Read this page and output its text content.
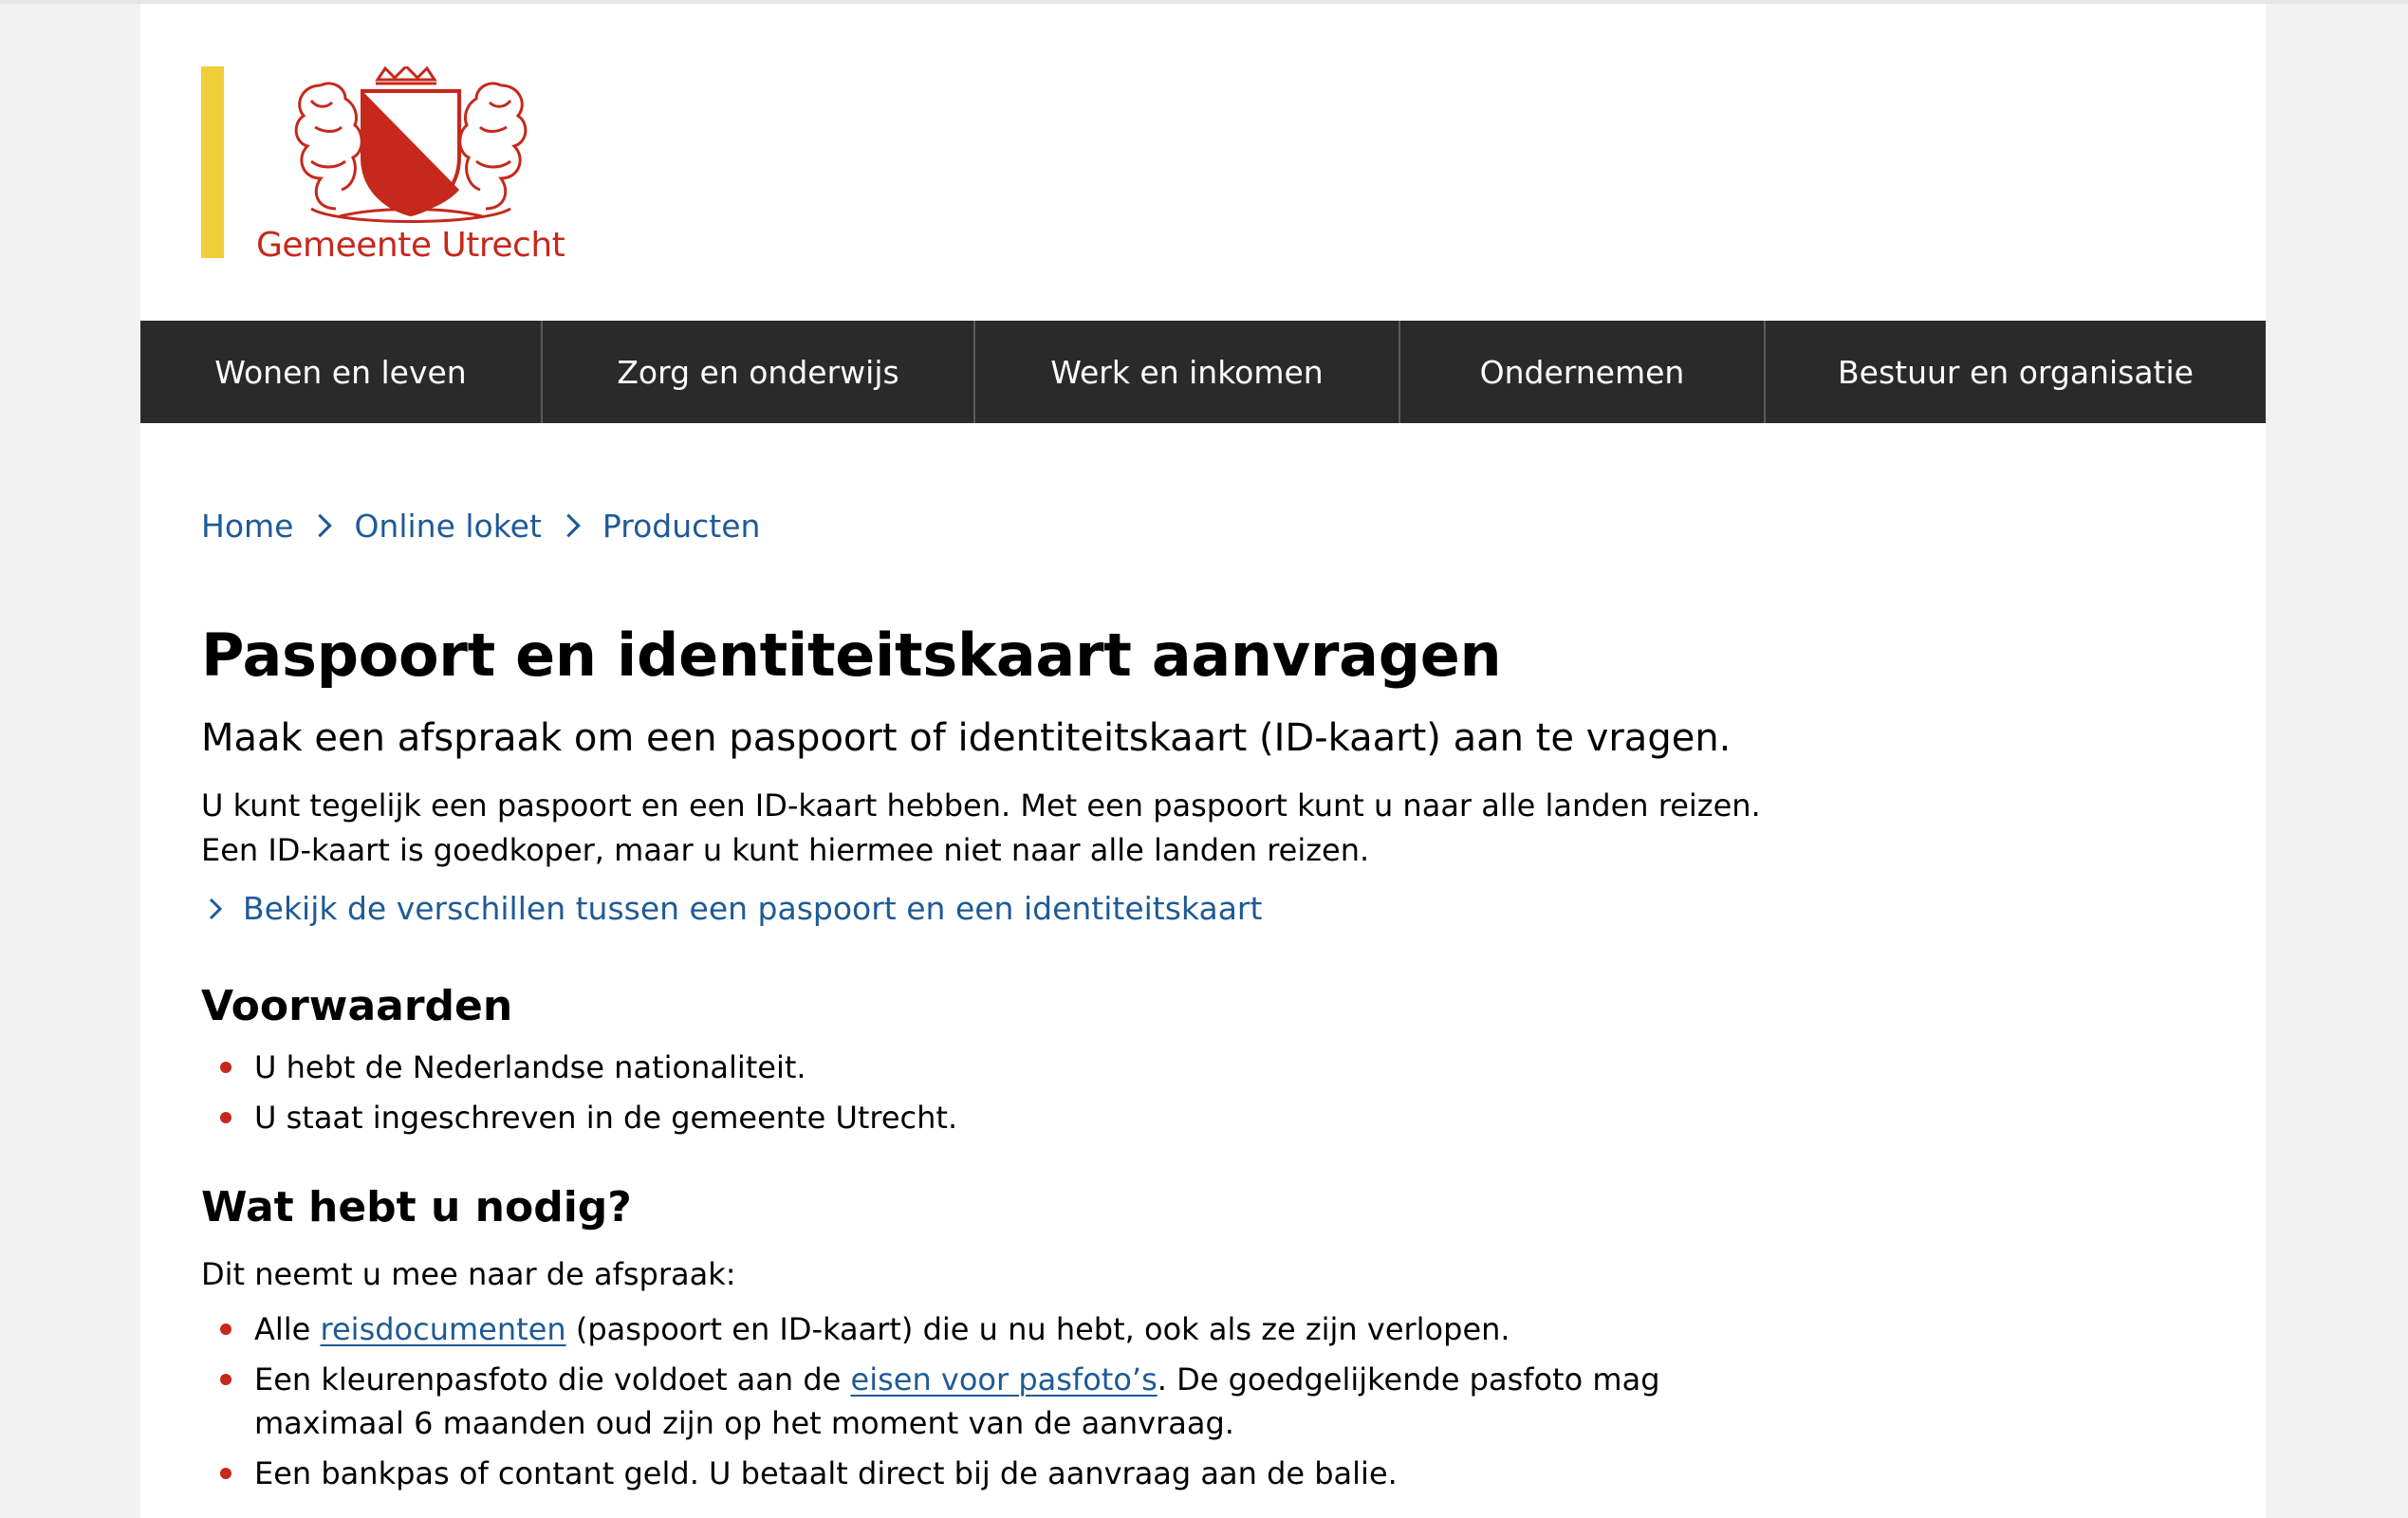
Gemeente Utrecht
Wonen en leven	Zorg en onderwijs	Werk en inkomen	Ondernemen	Bestuur en organisatie
Home Online loket Producten
Paspoort en identiteitskaart aanvragen

Maak een afspraak om een paspoort of identiteitskaart (ID-kaart) aan te vragen.

U kunt tegelijk een paspoort en een ID-kaart hebben. Met een paspoort kunt u naar alle landen reizen.
Een ID-kaart is goedkoper, maar u kunt hiermee niet naar alle landen reizen.

Bekijk de verschillen tussen een paspoort en een identiteitskaart
Voorwaarden
U hebt de Nederlandse nationaliteit.
U staat ingeschreven in de gemeente Utrecht.
Wat hebt u nodig?

Dit neemt u mee naar de afspraak:

Alle reisdocumenten (paspoort en ID-kaart) die u nu hebt, ook als ze zijn verlopen.
Een kleurenpasfoto die voldoet aan de eisen voor pasfoto’s. De goedgelijkende pasfoto mag
maximaal 6 maanden oud zijn op het moment van de aanvraag.
Een bankpas of contant geld. U betaalt direct bij de aanvraag aan de balie.
